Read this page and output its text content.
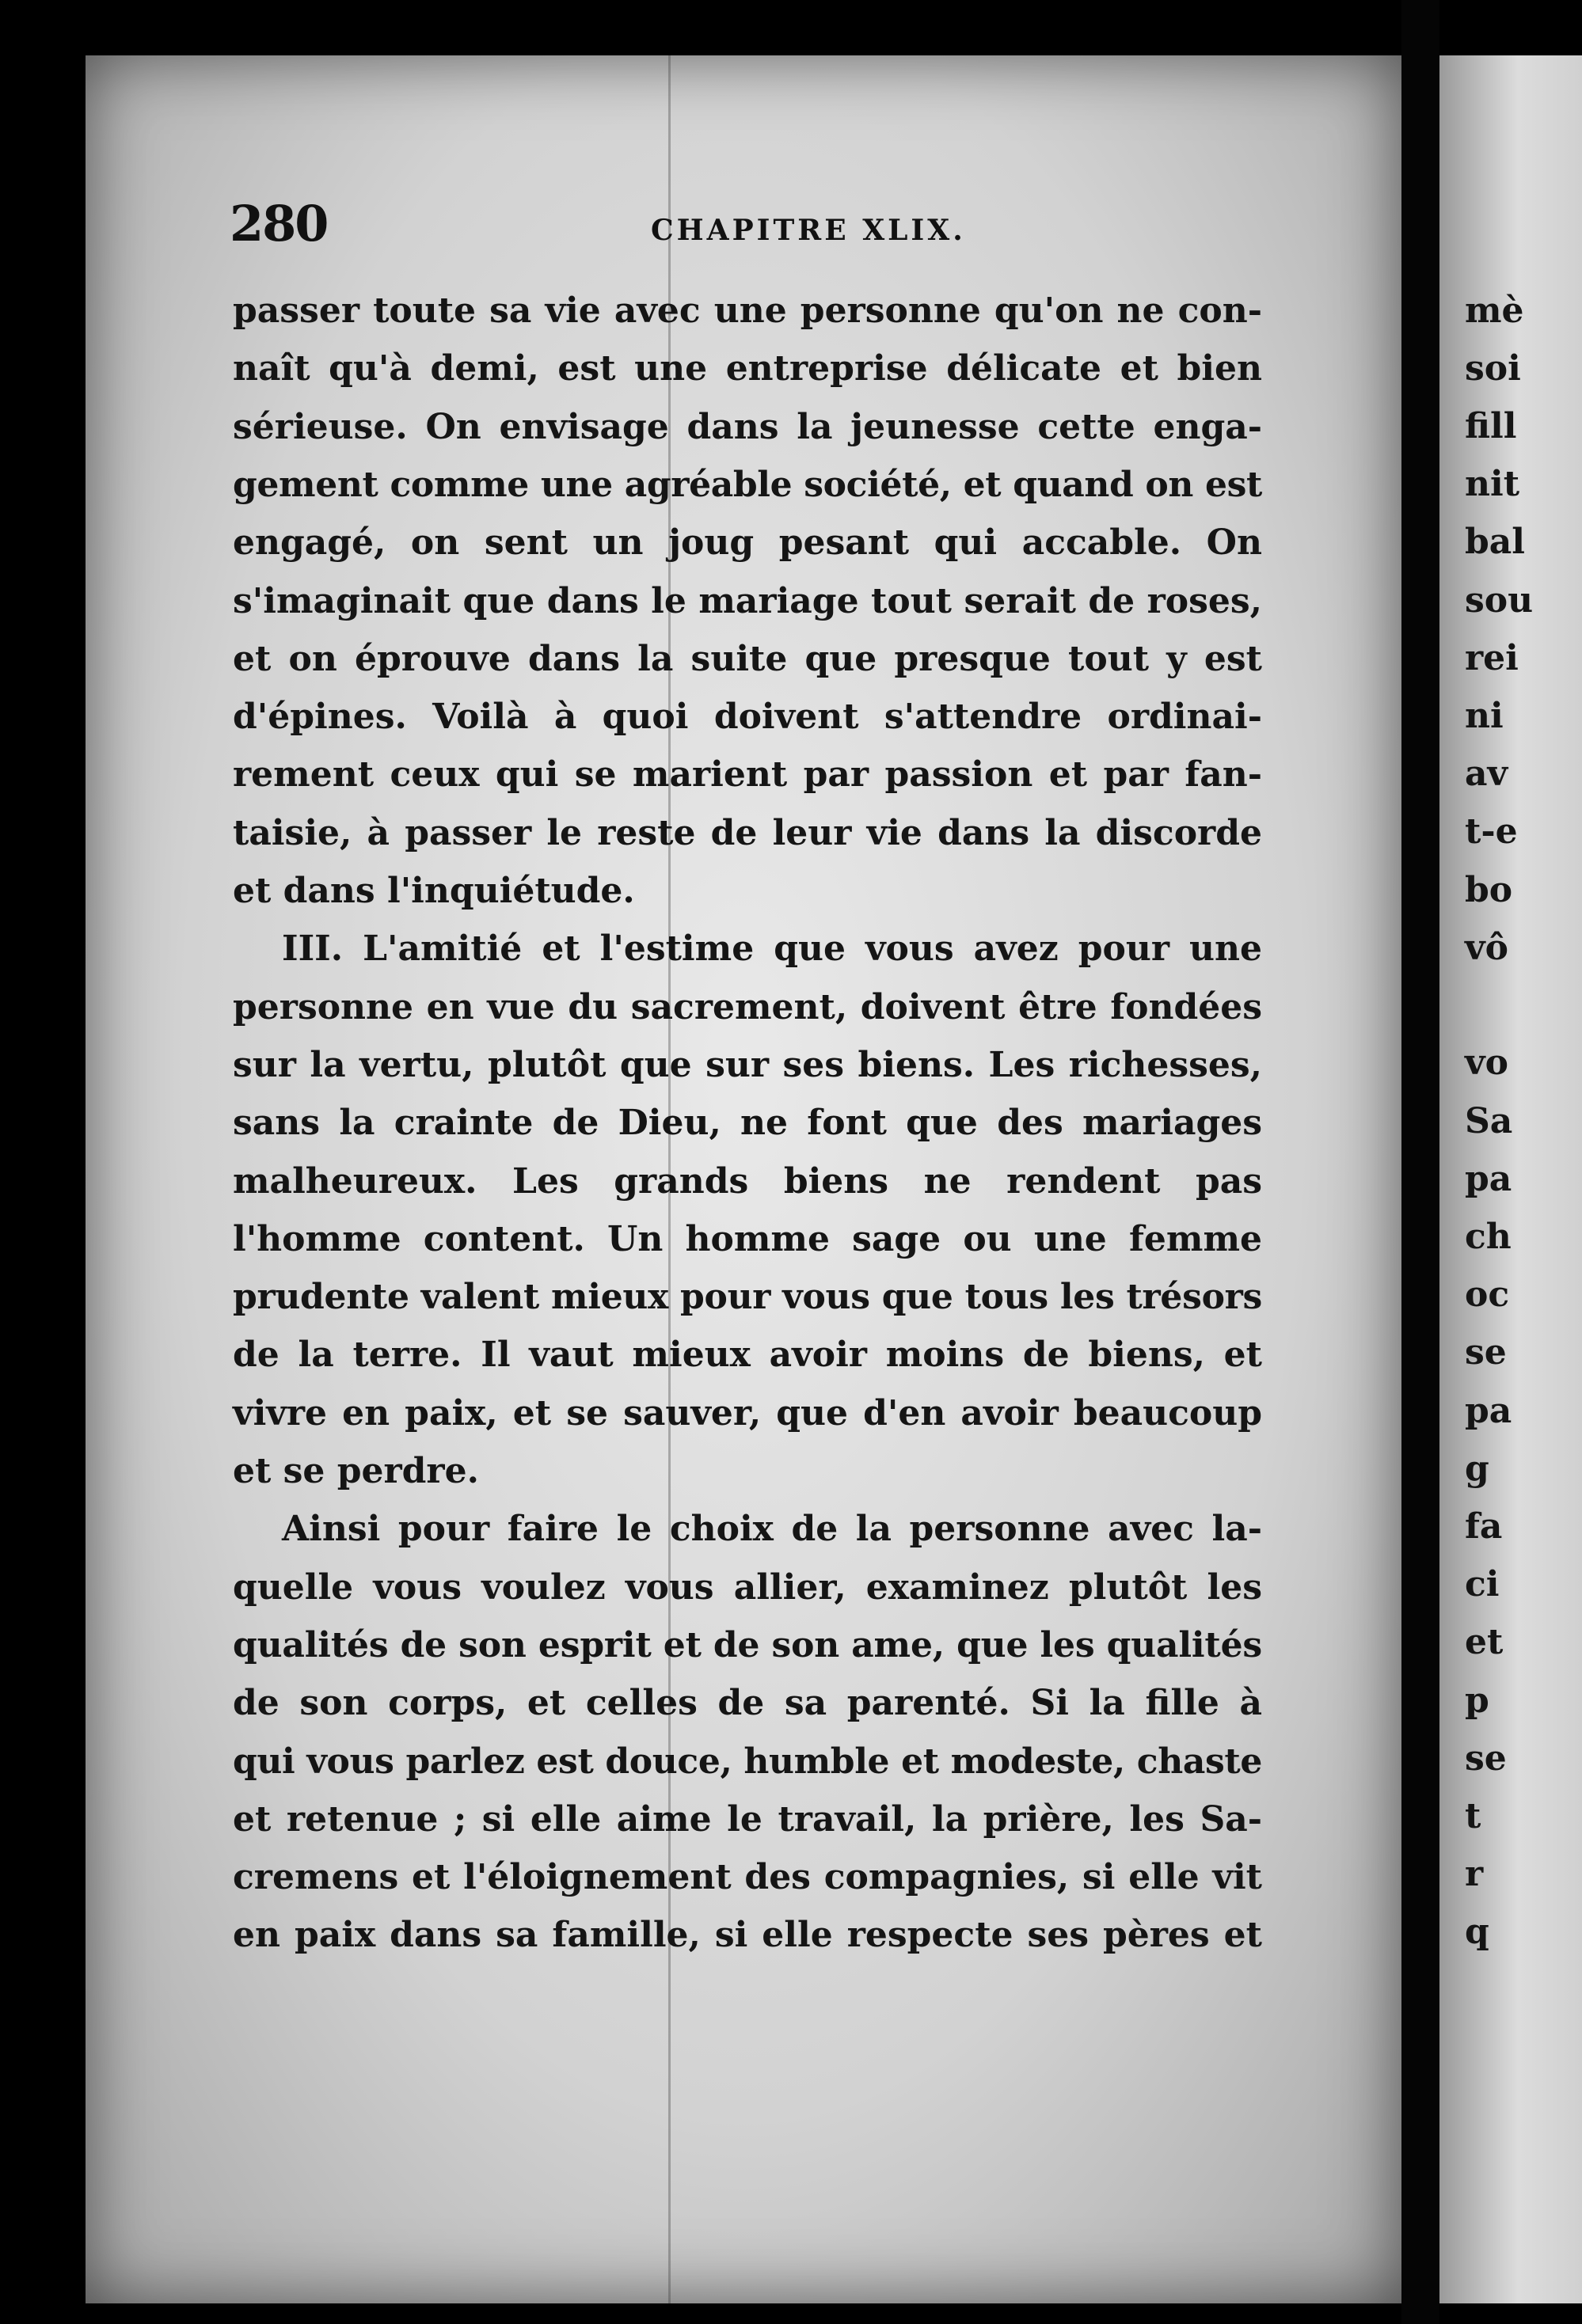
mè
soi
fill
nit
bal
sou
rei
ni
av
t-e
bo
vô
vo
Sa
pa
ch
oc
se
pa
g
fa
ci
et
p
se
t
r
q
280	CHAPITRE XLIX.
passer toute sa vie avec une personne qu'on ne con-
naît qu'à demi, est une entreprise délicate et bien
sérieuse. On envisage dans la jeunesse cette enga-
gement comme une agréable société, et quand on est
engagé, on sent un joug pesant qui accable. On
s'imaginait que dans le mariage tout serait de roses,
et on éprouve dans la suite que presque tout y est
d'épines. Voilà à quoi doivent s'attendre ordinai-
rement ceux qui se marient par passion et par fan-
taisie, à passer le reste de leur vie dans la discorde
et dans l'inquiétude.
III. L'amitié et l'estime que vous avez pour une
personne en vue du sacrement, doivent être fondées
sur la vertu, plutôt que sur ses biens. Les richesses,
sans la crainte de Dieu, ne font que des mariages
malheureux. Les grands biens ne rendent pas
l'homme content. Un homme sage ou une femme
prudente valent mieux pour vous que tous les trésors
de la terre. Il vaut mieux avoir moins de biens, et
vivre en paix, et se sauver, que d'en avoir beaucoup
et se perdre.
Ainsi pour faire le choix de la personne avec la-
quelle vous voulez vous allier, examinez plutôt les
qualités de son esprit et de son ame, que les qualités
de son corps, et celles de sa parenté. Si la fille à
qui vous parlez est douce, humble et modeste, chaste
et retenue ; si elle aime le travail, la prière, les Sa-
cremens et l'éloignement des compagnies, si elle vit
en paix dans sa famille, si elle respecte ses pères et
